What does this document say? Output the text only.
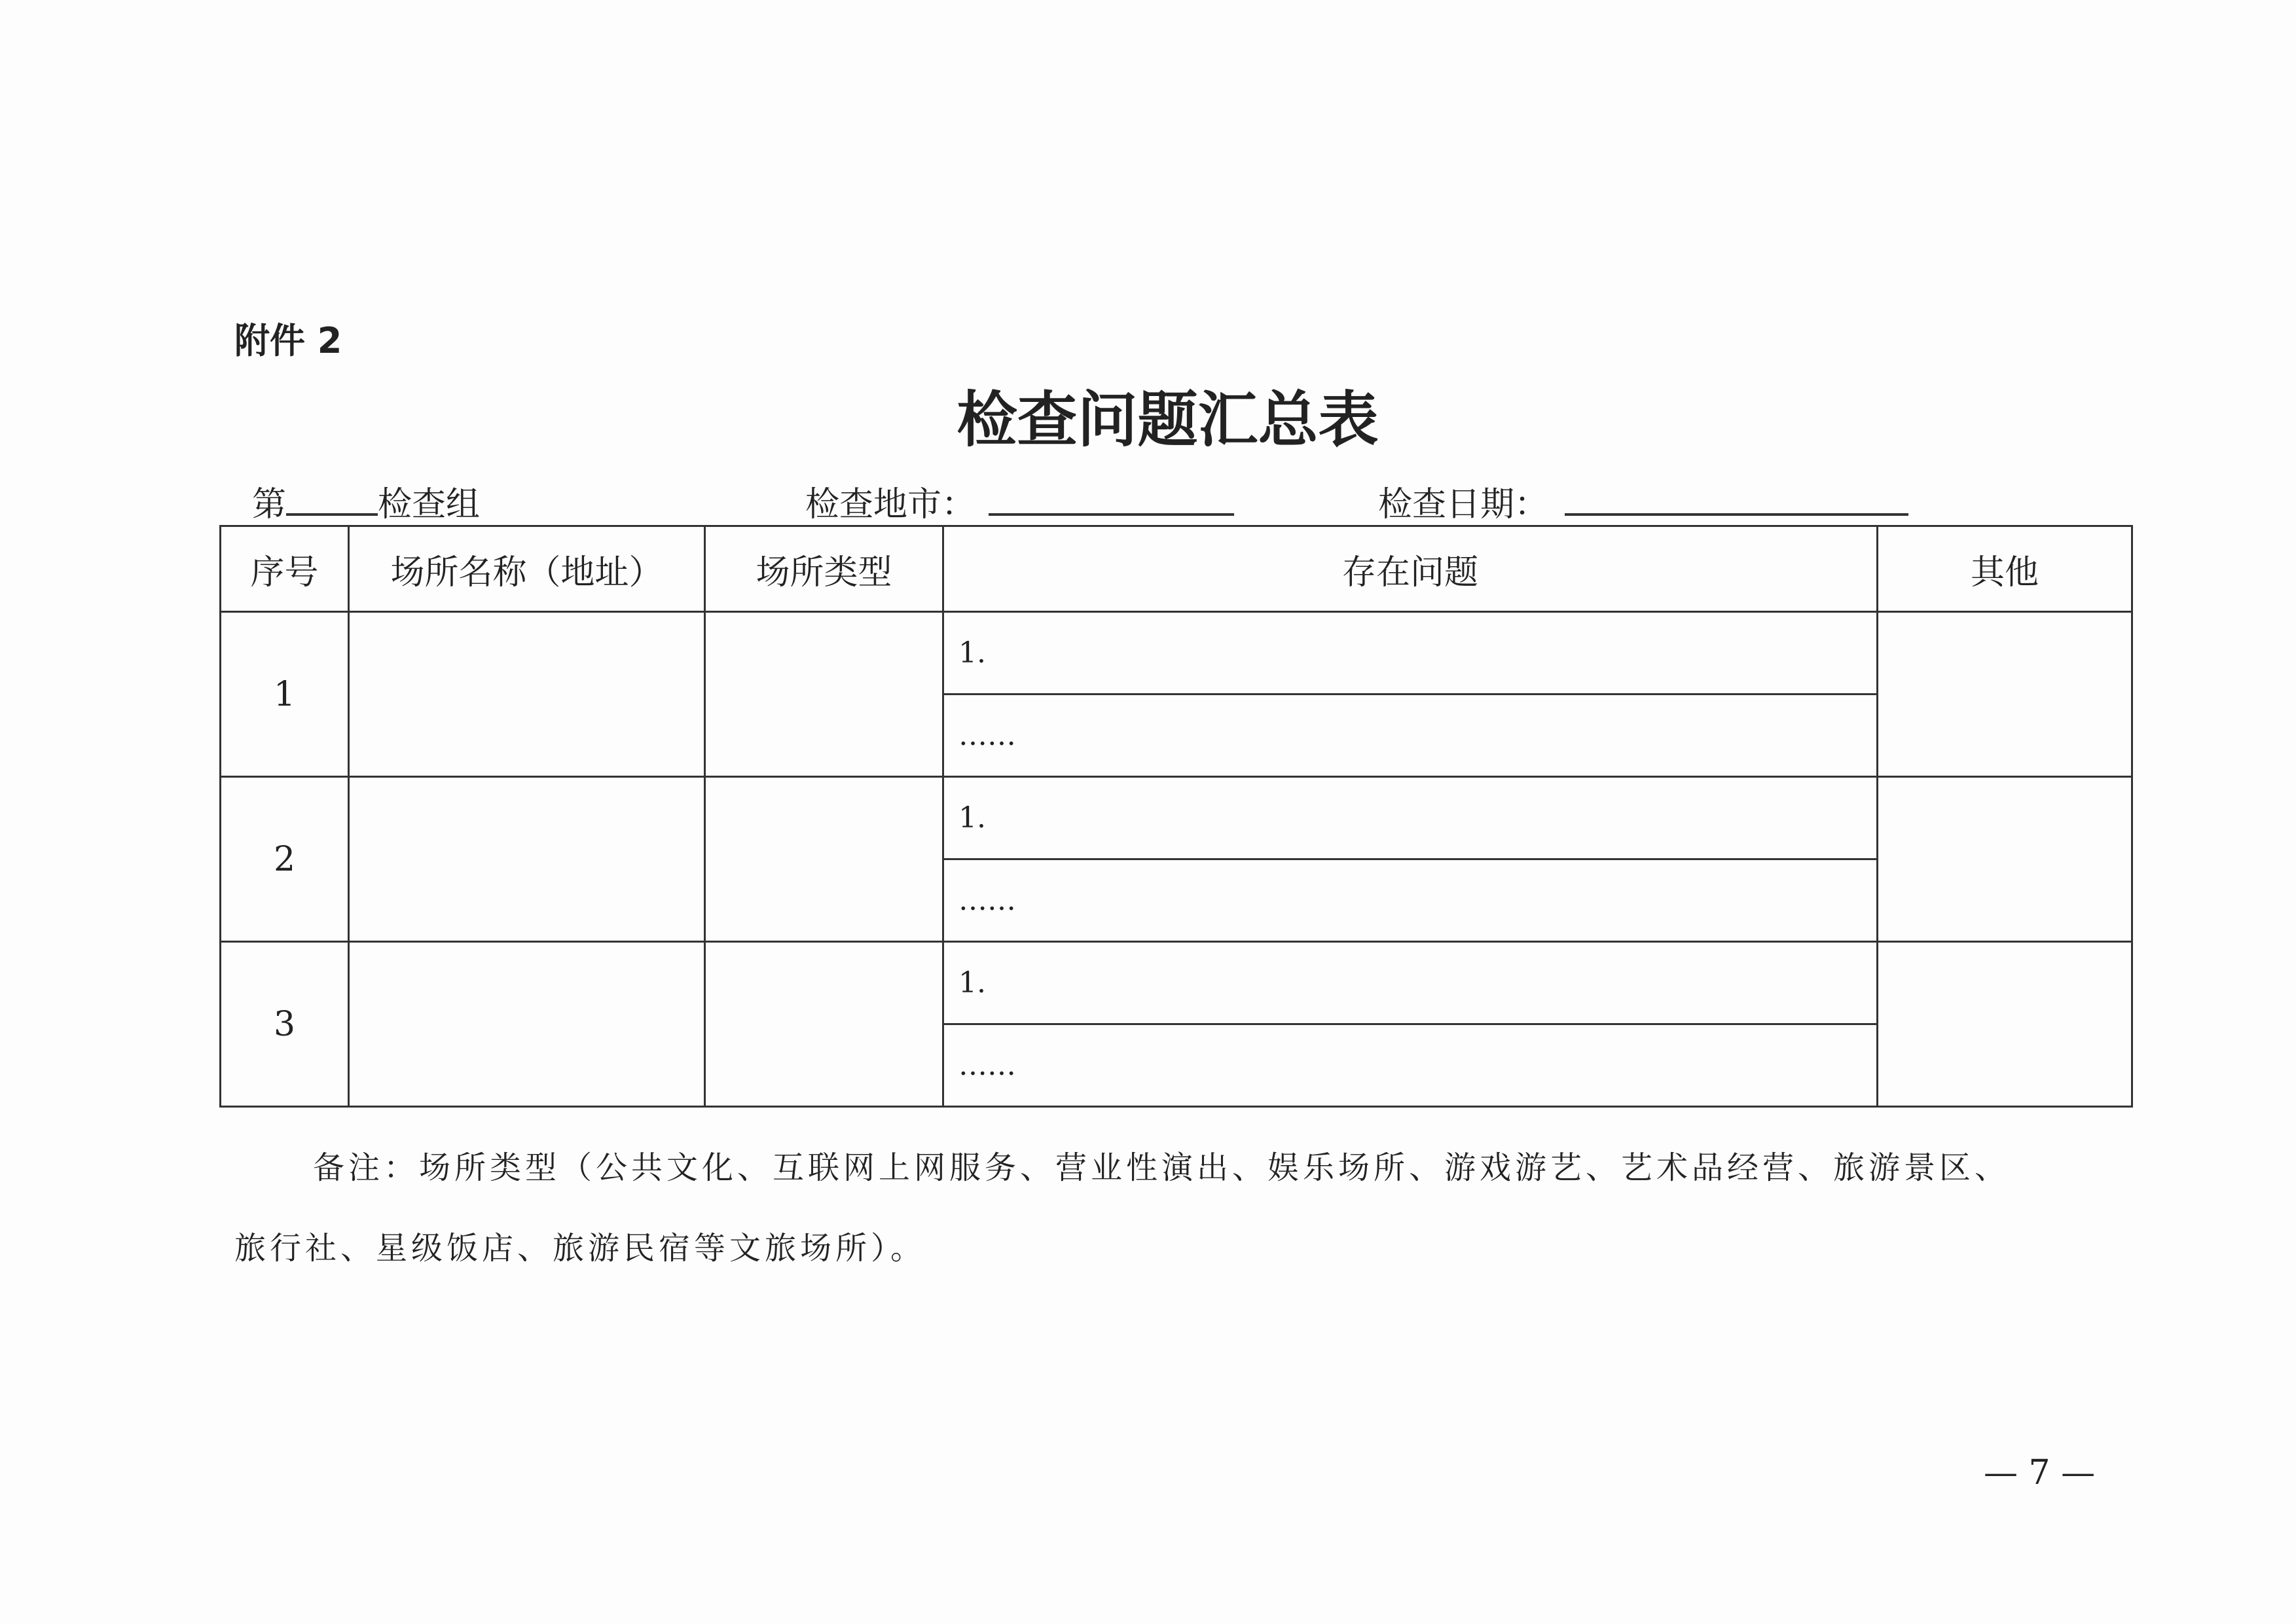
附件 2
检查问题汇总表
第	检查组	检查地市：	检查日期：
序号	场所名称（地址）	场所类型	存在问题	其他
1			1.	
			……	
2			1.	
			……	
3			1.	
			……	
备注：场所类型（公共文化、互联网上网服务、营业性演出、娱乐场所、游戏游艺、艺术品经营、旅游景区、
旅行社、星级饭店、旅游民宿等文旅场所）。
— 7 —
